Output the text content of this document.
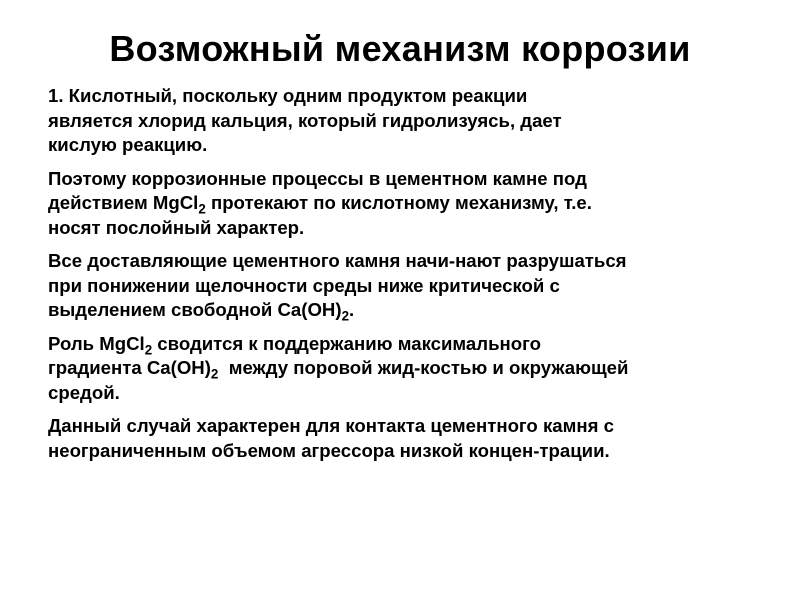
Возможный механизм коррозии
1. Кислотный, поскольку одним продуктом реакции
является хлорид кальция, который гидролизуясь, дает
кислую реакцию.
Поэтому коррозионные процессы в цементном камне под
действием MgCl$_2$ протекают по кислотному механизму, т.е.
носят послойный характер.
Все доставляющие цементного камня начи-нают разрушаться
при понижении щелочности среды ниже критической с
выделением свободной $Ca(OH)_2$.
Роль MgCl$_2$ сводится к поддержанию максимального
градиента $Ca(OH)_2$  между поровой жид-костью и окружающей
средой.
Данный случай характерен для контакта цементного камня с
неограниченным объемом агрессора низкой концен-трации.
